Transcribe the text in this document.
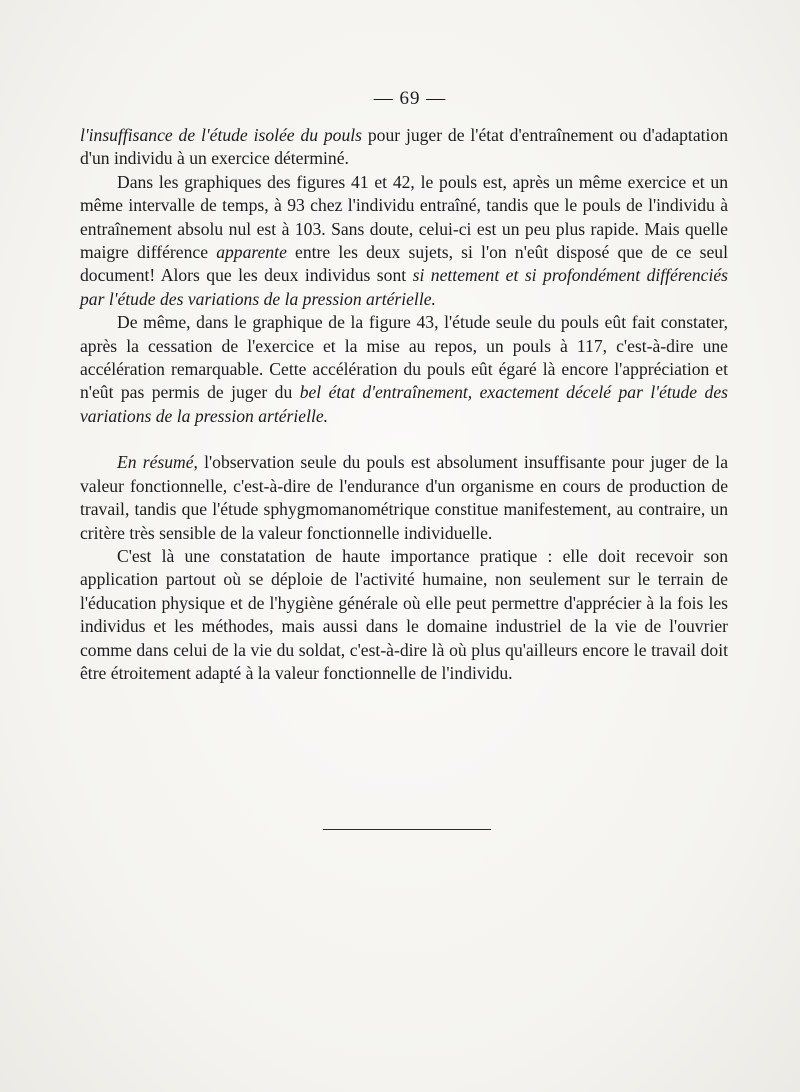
— 69 —

l'insuffisance de l'étude isolée du pouls pour juger de l'état d'entraînement ou d'adaptation d'un individu à un exercice déterminé.

Dans les graphiques des figures 41 et 42, le pouls est, après un même exercice et un même intervalle de temps, à 93 chez l'individu entraîné, tandis que le pouls de l'individu à entraînement absolu nul est à 103. Sans doute, celui-ci est un peu plus rapide. Mais quelle maigre différence apparente entre les deux sujets, si l'on n'eût disposé que de ce seul document! Alors que les deux individus sont si nettement et si profondément différenciés par l'étude des variations de la pression artérielle.

De même, dans le graphique de la figure 43, l'étude seule du pouls eût fait constater, après la cessation de l'exercice et la mise au repos, un pouls à 117, c'est-à-dire une accélération remarquable. Cette accélération du pouls eût égaré là encore l'appréciation et n'eût pas permis de juger du bel état d'entraînement, exactement décelé par l'étude des variations de la pression artérielle.

En résumé, l'observation seule du pouls est absolument insuffisante pour juger de la valeur fonctionnelle, c'est-à-dire de l'endurance d'un organisme en cours de production de travail, tandis que l'étude sphygmomanométrique constitue manifestement, au contraire, un critère très sensible de la valeur fonctionnelle individuelle.

C'est là une constatation de haute importance pratique : elle doit recevoir son application partout où se déploie de l'activité humaine, non seulement sur le terrain de l'éducation physique et de l'hygiène générale où elle peut permettre d'apprécier à la fois les individus et les méthodes, mais aussi dans le domaine industriel de la vie de l'ouvrier comme dans celui de la vie du soldat, c'est-à-dire là où plus qu'ailleurs encore le travail doit être étroitement adapté à la valeur fonctionnelle de l'individu.
